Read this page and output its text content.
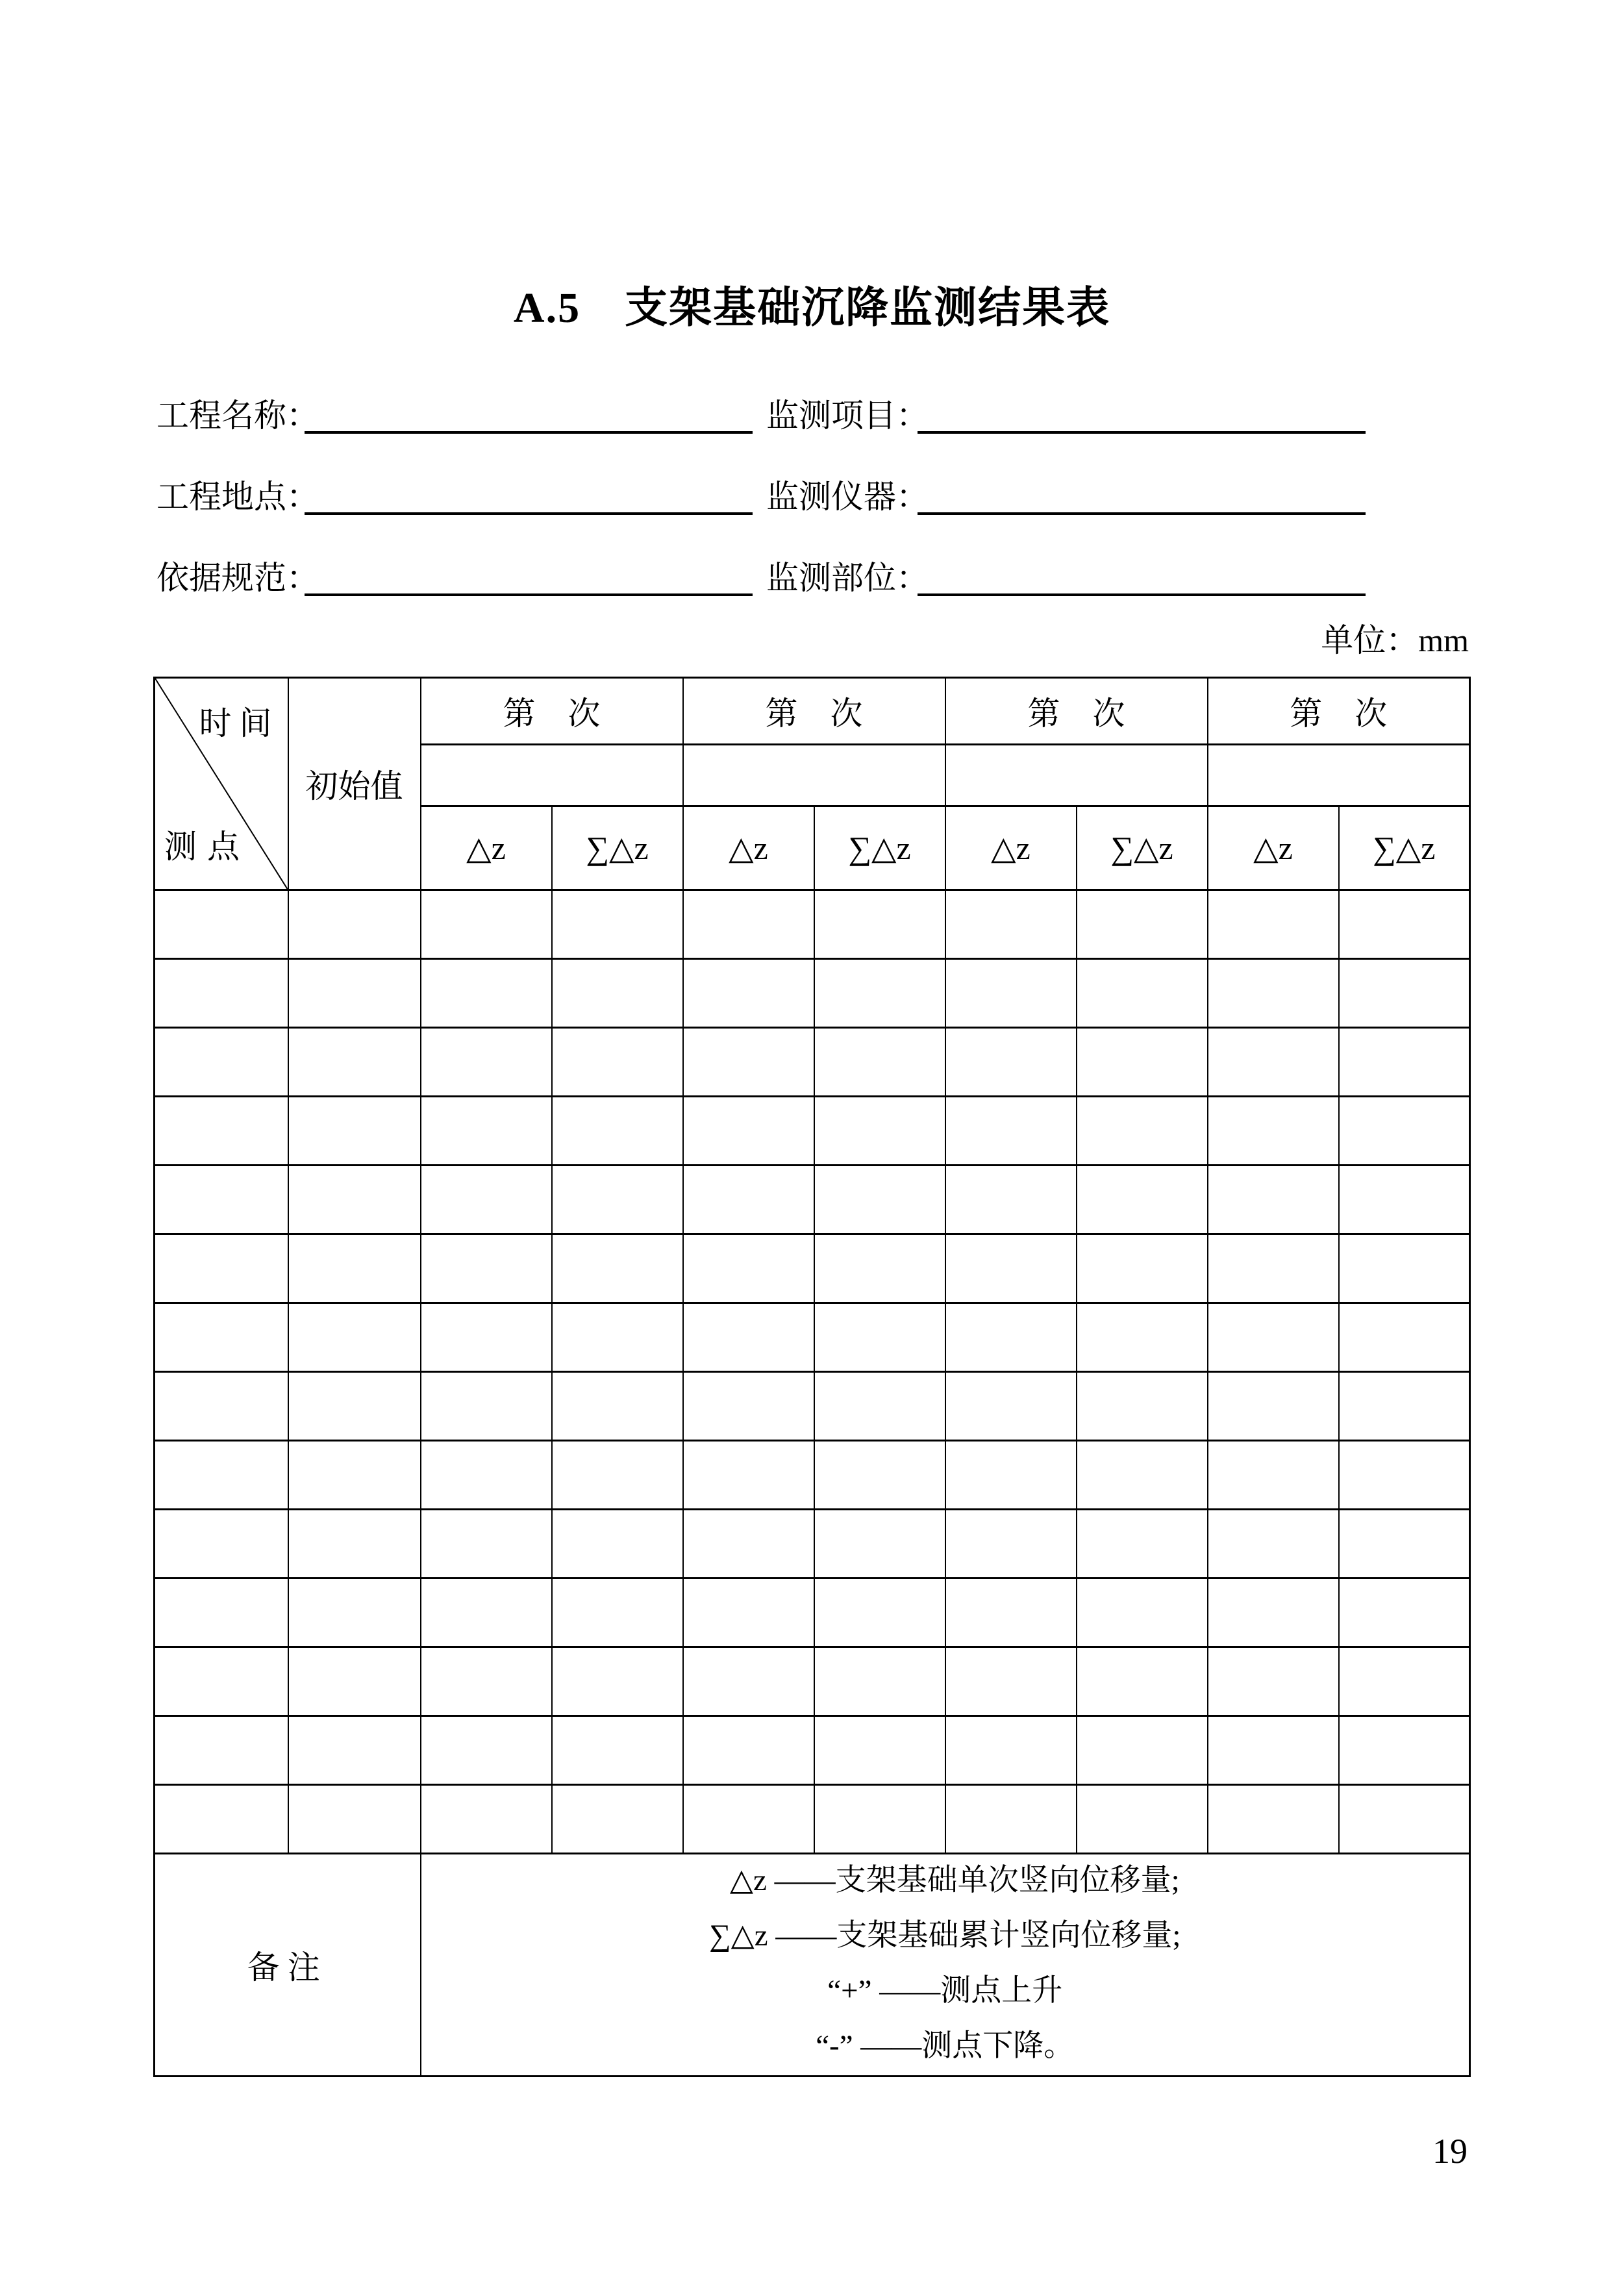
A.5　支架基础沉降监测结果表
工程名称：	监测项目：
工程地点：	监测仪器：
依据规范：	监测部位：
单位：mm
时间
测点	初始值	第　次		第　次		第　次		第　次	

		△z	∑△z	△z	∑△z	△z	∑△z	△z	∑△z

备注		△z ——支架基础单次竖向位移量;
∑△z ——支架基础累计竖向位移量;
“+” ——测点上升
“-” ——测点下降。							
19
